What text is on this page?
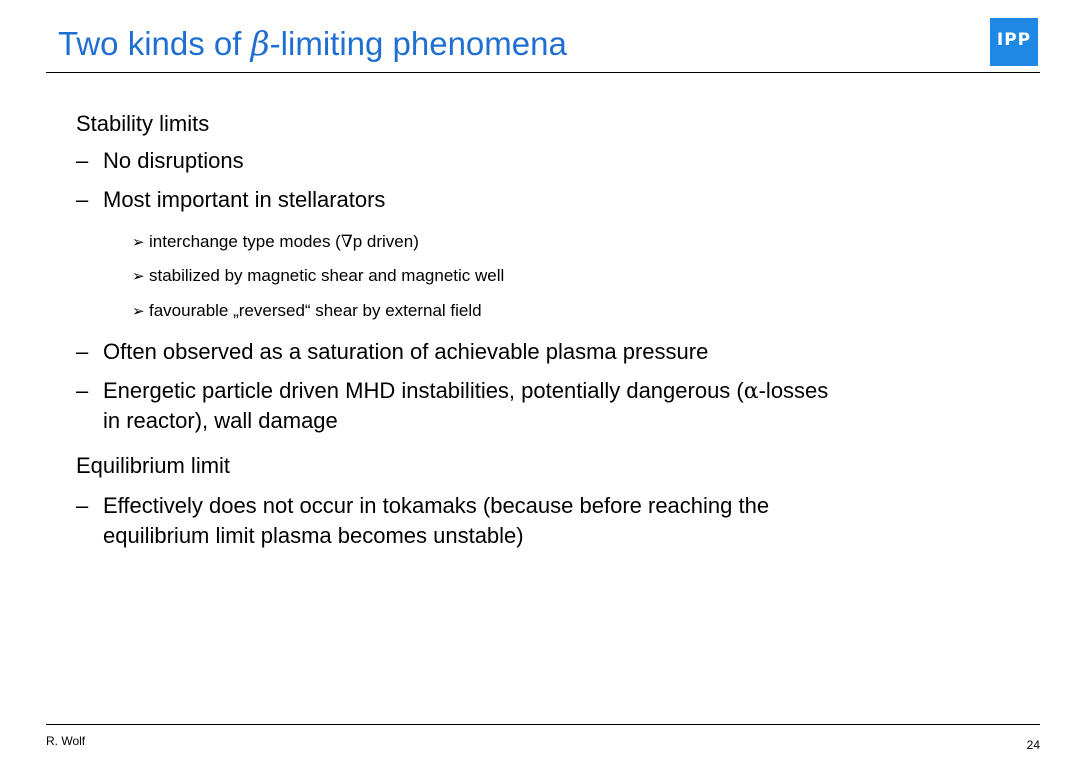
Two kinds of β-limiting phenomena	IPP
Stability limits
– No disruptions
– Most important in stellarators
➢ interchange type modes (∇p driven)
➢ stabilized by magnetic shear and magnetic well
➢ favourable „reversed“ shear by external field
– Often observed as a saturation of achievable plasma pressure
– Energetic particle driven MHD instabilities, potentially dangerous (α-losses
in reactor), wall damage
Equilibrium limit
– Effectively does not occur in tokamaks (because before reaching the
equilibrium limit plasma becomes unstable)
R. Wolf	24
